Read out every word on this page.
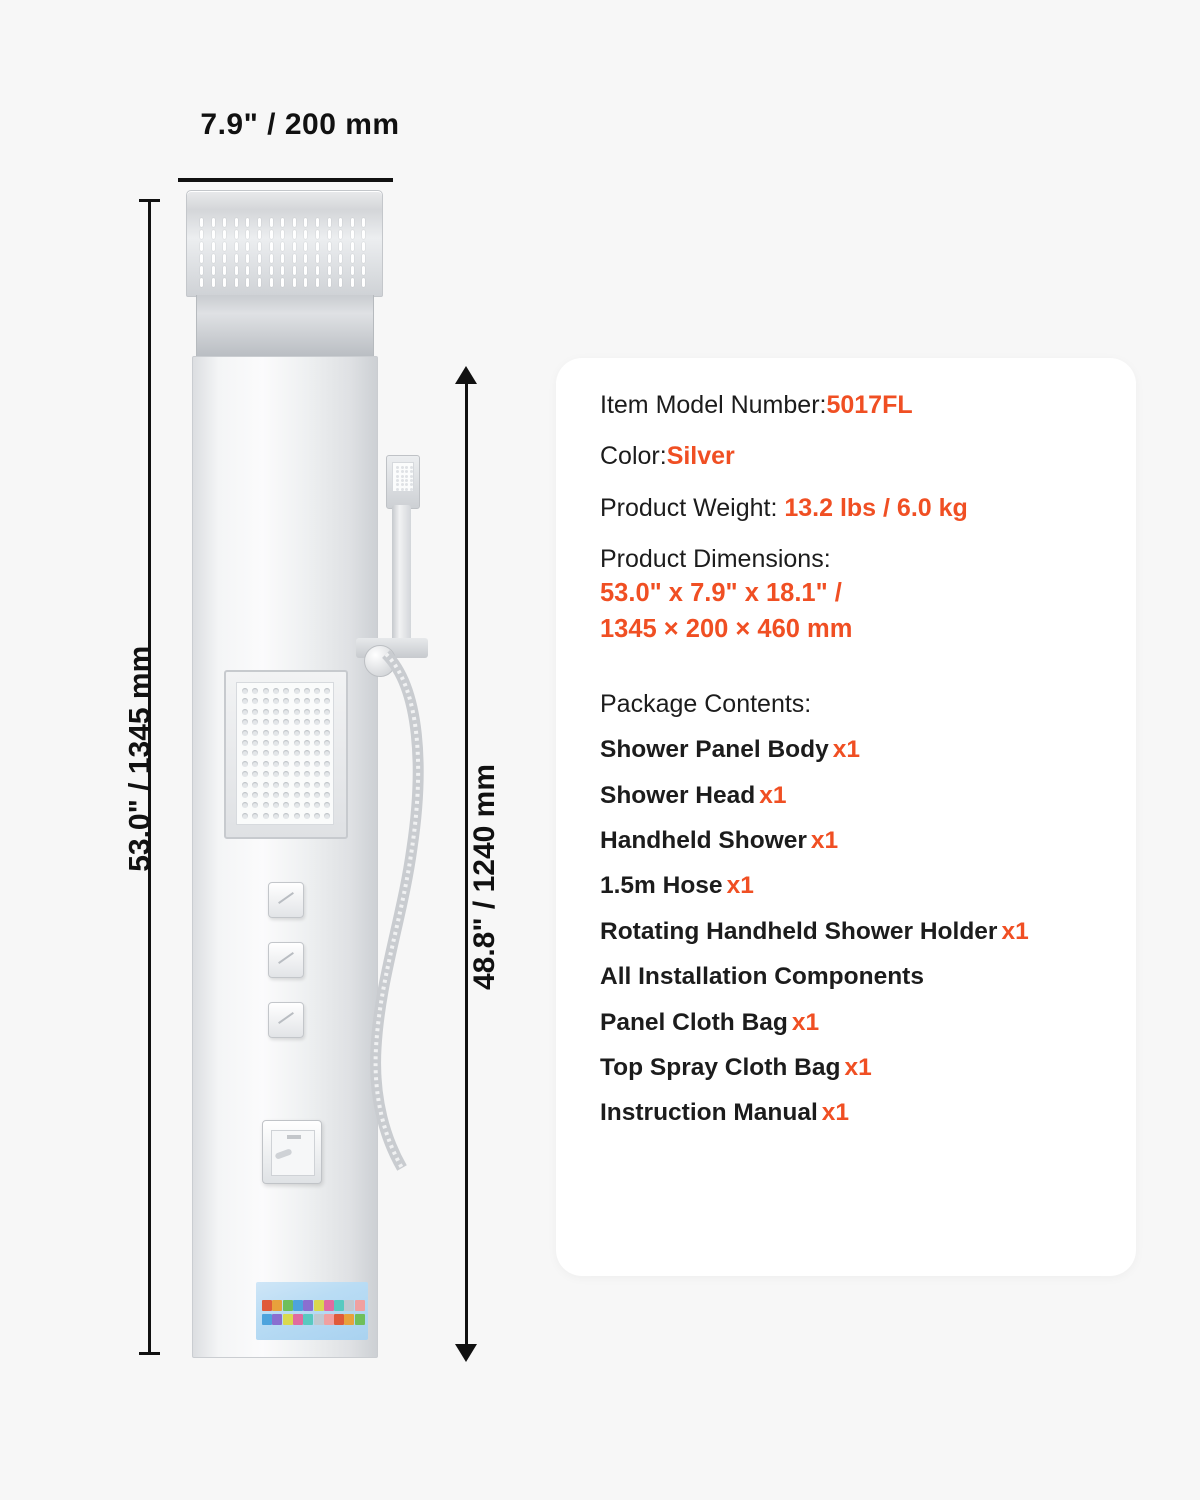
7.9" / 200 mm
53.0" / 1345 mm
48.8" / 1240 mm
Item Model Number:5017FL
Color:Silver
Product Weight: 13.2 lbs / 6.0 kg
Product Dimensions:
53.0" x 7.9" x 18.1" /
1345 × 200 × 460 mm
Package Contents:
Shower Panel Body x1
Shower Head x1
Handheld Shower x1
1.5m Hose x1
Rotating Handheld Shower Holder x1
All Installation Components
Panel Cloth Bag x1
Top Spray Cloth Bag x1
Instruction Manual x1
